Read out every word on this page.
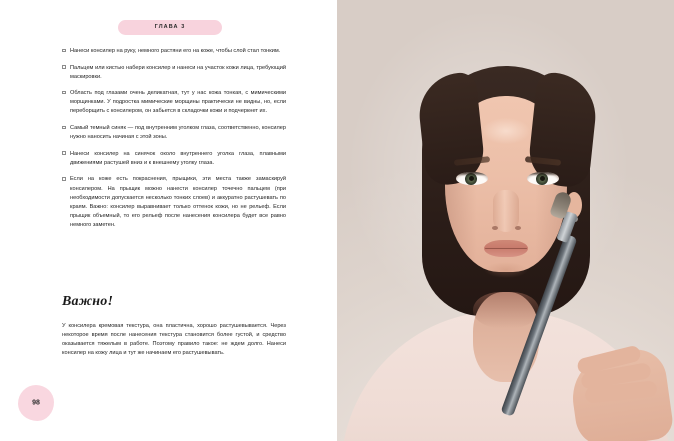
ГЛАВА 3

Нанеси консилер на руку, немного растяни его на коже, чтобы слой стал тонким.

Пальцем или кистью набери консилер и нанеси на участок кожи лица, требующий маскировки.

Область под глазами очень деликатная, тут у нас кожа тонкая, с мимическими морщинками. У подростка мимические морщины практически не видны, но, если переборщить с консилером, он забьется в складочки кожи и подчеркнет их.

Самый темный синяк — под внутренним уголком глаза, соответственно, консилер нужно наносить начиная с этой зоны.

Нанеси консилер на синячок около внутреннего уголка глаза, плавными движениями растушей вниз и к внешнему уголку глаза.

Если на коже есть покраснения, прыщики, эти места также замаскируй консилером. На прыщик можно нанести консилер точечно пальцем (при необходимости допускается несколько тонких слоев) и аккуратно растушевать по краям. Важно: консилер выравнивает только оттенок кожи, но не рельеф. Если прыщик объемный, то его рельеф после нанесения консилера будет все равно немного заметен.

Важно!
У консилера кремовая текстура, она пластична, хорошо растушевывается. Через некоторое время после нанесения текстура становится более густой, и средство оказывается тяжелым в работе. Поэтому правило такое: не ждем долго. Нанеси консилер на кожу лица и тут же начинаем его растушевывать.
98
